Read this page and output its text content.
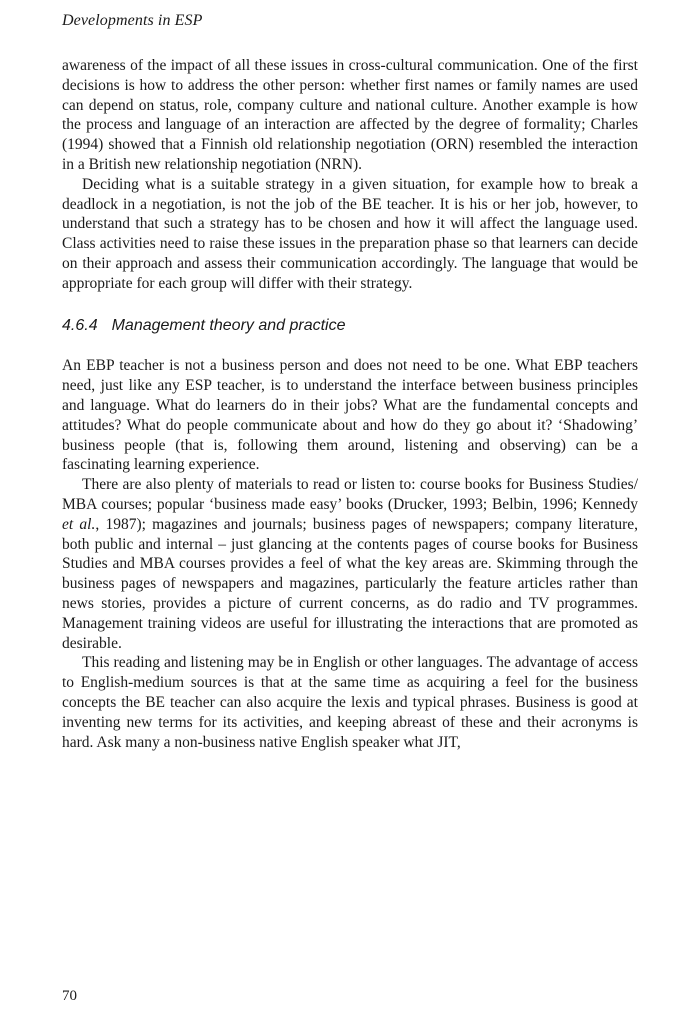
Developments in ESP

awareness of the impact of all these issues in cross-cultural communication. One of the first decisions is how to address the other person: whether first names or family names are used can depend on status, role, company culture and national culture. Another example is how the process and language of an interaction are affected by the degree of formality; Charles (1994) showed that a Finnish old relationship negotiation (ORN) resembled the interaction in a British new relationship negotiation (NRN).

Deciding what is a suitable strategy in a given situation, for example how to break a deadlock in a negotiation, is not the job of the BE teacher. It is his or her job, however, to understand that such a strategy has to be chosen and how it will affect the language used. Class activities need to raise these issues in the preparation phase so that learners can decide on their approach and assess their communication accordingly. The language that would be appropriate for each group will differ with their strategy.

4.6.4 Management theory and practice

An EBP teacher is not a business person and does not need to be one. What EBP teachers need, just like any ESP teacher, is to understand the interface between business principles and language. What do learners do in their jobs? What are the fundamental concepts and attitudes? What do people communicate about and how do they go about it? ‘Shadowing’ business people (that is, following them around, listening and observing) can be a fascinating learning experience.

There are also plenty of materials to read or listen to: course books for Business Studies/ MBA courses; popular ‘business made easy’ books (Drucker, 1993; Belbin, 1996; Kennedy et al., 1987); magazines and journals; business pages of newspapers; company literature, both public and internal – just glancing at the contents pages of course books for Business Studies and MBA courses provides a feel of what the key areas are. Skimming through the business pages of newspapers and magazines, particularly the feature articles rather than news stories, provides a picture of current concerns, as do radio and TV programmes. Management training videos are useful for illustrating the interactions that are promoted as desirable.

This reading and listening may be in English or other languages. The advantage of access to English-medium sources is that at the same time as acquiring a feel for the business concepts the BE teacher can also acquire the lexis and typical phrases. Business is good at inventing new terms for its activities, and keeping abreast of these and their acronyms is hard. Ask many a non-business native English speaker what JIT,

70
